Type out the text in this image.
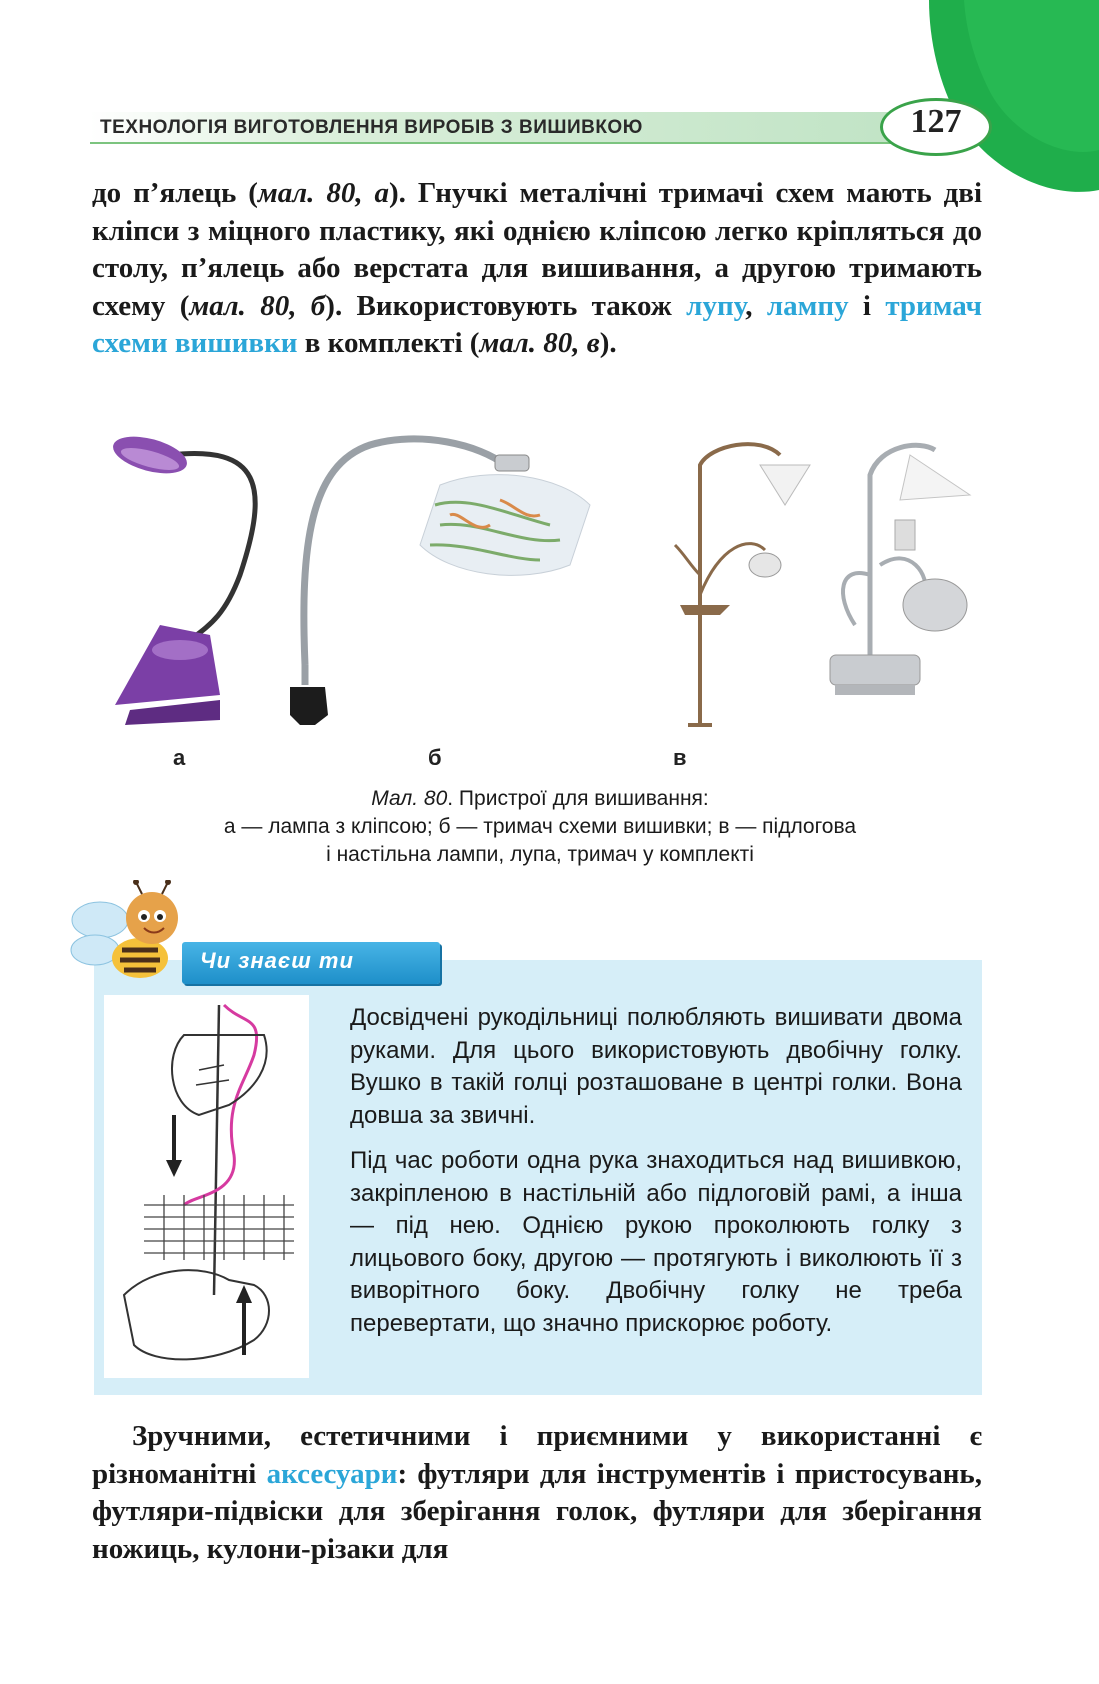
ТЕХНОЛОГІЯ ВИГОТОВЛЕННЯ ВИРОБІВ З ВИШИВКОЮ	127

до п’ялець (мал. 80, а). Гнучкі металічні тримачі схем мають дві кліпси з міцного пластику, які однією кліпсою легко кріпляться до столу, п’ялець або верстата для вишивання, а другою тримають схему (мал. 80, б). Використовують також лупу, лампу і тримач схеми вишивки в комплекті (мал. 80, в).

а	б	в

Мал. 80. Пристрої для вишивання:

а — лампа з кліпсою; б — тримач схеми вишивки; в — підлогова

і настільна лампи, лупа, тримач у комплекті

Чи знаєш ти

Досвідчені рукодільниці полюбляють вишивати двома руками. Для цього використовують двобічну голку. Вушко в такій голці розташоване в центрі голки. Вона довша за звичні.

Під час роботи одна рука знаходиться над вишивкою, закріпленою в настільній або підлоговій рамі, а інша — під нею. Однією рукою проколюють голку з лицьового боку, другою — протягують і виколюють її з виворітного боку. Двобічну голку не треба перевертати, що значно прискорює роботу.

Зручними, естетичними і приємними у використанні є різноманітні аксесуари: футляри для інструментів і пристосувань, футляри-підвіски для зберігання голок, футляри для зберігання ножиць, кулони-різаки для
